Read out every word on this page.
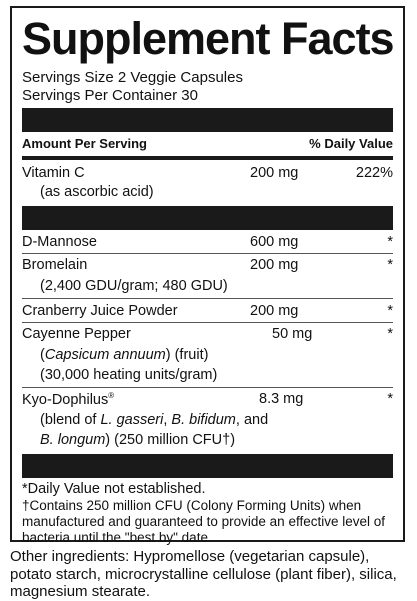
Supplement Facts
Servings Size 2 Veggie Capsules
Servings Per Container 30
Amount Per Serving	% Daily Value
Vitamin C	200 mg	222%
(as ascorbic acid)
D-Mannose	600 mg	*
Bromelain	200 mg	*
(2,400 GDU/gram; 480 GDU)
Cranberry Juice Powder	200 mg	*
Cayenne Pepper	50 mg	*
(Capsicum annuum) (fruit)
(30,000 heating units/gram)
Kyo-Dophilus®	8.3 mg	*
(blend of L. gasseri, B. bifidum, and
B. longum) (250 million CFU†)
*Daily Value not established.
†Contains 250 million CFU (Colony Forming Units) when manufactured and guaranteed to provide an effective level of bacteria until the "best by" date.
Other ingredients: Hypromellose (vegetarian capsule), potato starch, microcrystalline cellulose (plant fiber), silica, magnesium stearate.
